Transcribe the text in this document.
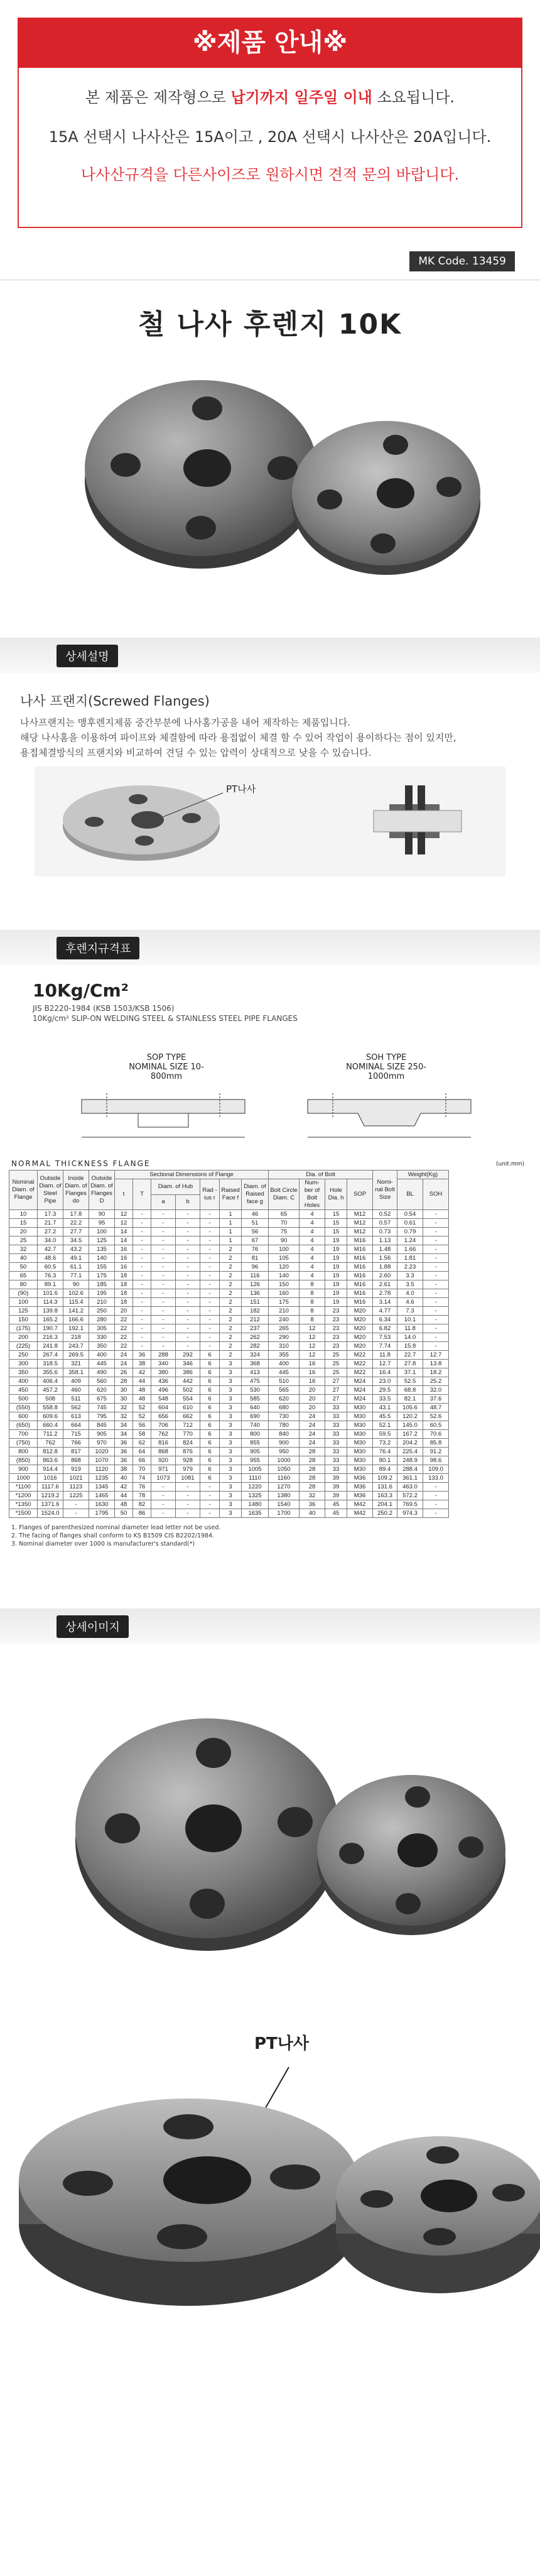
※제품 안내※
본 제품은 제작형으로 납기까지 일주일 이내 소요됩니다.
15A 선택시 나사산은 15A이고 , 20A 선택시 나사산은 20A입니다.
나사산규격을 다른사이즈로 원하시면 견적 문의 바랍니다.
MK Code. 13459
철 나사 후렌지 10K
상세설명
나사 프랜지(Screwed Flanges)
나사프랜지는 맹후렌지제품 중간부분에 나사홈가공을 내어 제작하는 제품입니다.
해당 나사홈을 이용하여 파이프와 체결함에 따라 용접없이 체결 할 수 있어 작업이 용이하다는 점이 있지만,
용접체결방식의 프랜지와 비교하여 견딜 수 있는 압력이 상대적으로 낮을 수 있습니다.
PT나사
후렌지규격표
10Kg/Cm²
JIS B2220-1984 (KSB 1503/KSB 1506)
10Kg/cm² SLIP-ON WELDING STEEL & STAINLESS STEEL PIPE FLANGES
SOP TYPE
NOMINAL SIZE 10-800mm
SOH TYPE
NOMINAL SIZE 250-1000mm
NORMAL THICKNESS FLANGE	(unit:mm)
Nominal Diam. of Flange	Outside Diam. of Steel Pipe	Inside Diam. of Flanges do	Outside Diam. of Flanges D	Sectional Dimensions of Flange							Dia. of Bolt				Nomi- nal Bolt Size	Weight(Kg)	
				t	T	Diam. of Hub		Rad -ius r	Raised Face f	Diam. of Raised face g	Bolt Circle Diam. C	Num- ber of Bolt Holes	Hole Dia. h	SOP		BL	SOH
						a	b										
10	17.3	17.8	90	12	-	-	-	-	1	46	65	4	15	M12	0.52	0.54	-
15	21.7	22.2	95	12	-	-	-	-	1	51	70	4	15	M12	0.57	0.61	-
20	27.2	27.7	100	14	-	-	-	-	1	56	75	4	15	M12	0.73	0.79	-
25	34.0	34.5	125	14	-	-	-	-	1	67	90	4	19	M16	1.13	1.24	-
32	42.7	43.2	135	16	-	-	-	-	2	76	100	4	19	M16	1.48	1.66	-
40	48.6	49.1	140	16	-	-	-	-	2	81	105	4	19	M16	1.56	1.81	-
50	60.5	61.1	155	16	-	-	-	-	2	96	120	4	19	M16	1.88	2.23	-
65	76.3	77.1	175	18	-	-	-	-	2	116	140	4	19	M16	2.60	3.3	-
80	89.1	90	185	18	-	-	-	-	2	126	150	8	19	M16	2.61	3.5	-
(90)	101.6	102.6	195	18	-	-	-	-	2	136	160	8	19	M16	2.78	4.0	-
100	114.3	115.4	210	18	-	-	-	-	2	151	175	8	19	M16	3.14	4.6	-
125	139.8	141.2	250	20	-	-	-	-	2	182	210	8	23	M20	4.77	7.3	-
150	165.2	166.6	280	22	-	-	-	-	2	212	240	8	23	M20	6.34	10.1	-
(175)	190.7	192.1	305	22	-	-	-	-	2	237	265	12	23	M20	6.82	11.8	-
200	216.3	218	330	22	-	-	-	-	2	262	290	12	23	M20	7.53	14.0	-
(225)	241.8	243.7	350	22	-	-	-	-	2	282	310	12	23	M20	7.74	15.8	-
250	267.4	269.5	400	24	36	288	292	6	2	324	355	12	25	M22	11.8	22.7	12.7
300	318.5	321	445	24	38	340	346	6	3	368	400	16	25	M22	12.7	27.8	13.8
350	355.6	358.1	490	26	42	380	386	6	3	413	445	16	25	M22	16.4	37.1	18.2
400	406.4	409	560	28	44	436	442	6	3	475	510	16	27	M24	23.0	52.5	25.2
450	457.2	460	620	30	48	496	502	6	3	530	565	20	27	M24	29.5	68.8	32.0
500	508	511	675	30	48	548	554	6	3	585	620	20	27	M24	33.5	82.1	37.6
(550)	558.8	562	745	32	52	604	610	6	3	640	680	20	33	M30	43.1	105.6	48.7
600	609.6	613	795	32	52	656	662	6	3	690	730	24	33	M30	45.5	120.2	52.6
(650)	660.4	664	845	34	56	706	712	6	3	740	780	24	33	M30	52.1	145.0	60.5
700	711.2	715	905	34	58	762	770	6	3	800	840	24	33	M30	59.5	167.2	70.6
(750)	762	766	970	36	62	816	824	6	3	855	900	24	33	M30	73.2	204.2	85.8
800	812.8	817	1020	36	64	868	876	6	3	905	950	28	33	M30	76.4	225.4	91.2
(850)	863.6	868	1070	36	66	920	928	6	3	955	1000	28	33	M30	80.1	248.9	98.6
900	914.4	919	1120	38	70	971	979	6	3	1005	1050	28	33	M30	89.4	288.4	109.0
1000	1016	1021	1235	40	74	1073	1081	6	3	1110	1160	28	39	M36	109.2	361.1	133.0
*1100	1117.6	1123	1345	42	76	-	-	-	3	1220	1270	28	39	M36	131.6	463.0	-
*1200	1219.2	1225	1465	44	78	-	-	-	3	1325	1380	32	39	M36	163.3	572.2	-
*1350	1371.6	-	1630	48	82	-	-	-	3	1480	1540	36	45	M42	204.1	769.5	-
*1500	1524.0	-	1795	50	86	-	-	-	3	1635	1700	40	45	M42	250.2	974.3	-
1. Flanges of parenthesized nominal diameter lead letter not be used.
2. The facing of flanges shall conform to KS B1509 CIS B2202/1984.
3. Nominal diameter over 1000 is manufacturer's standard(*)
상세이미지
PT나사
